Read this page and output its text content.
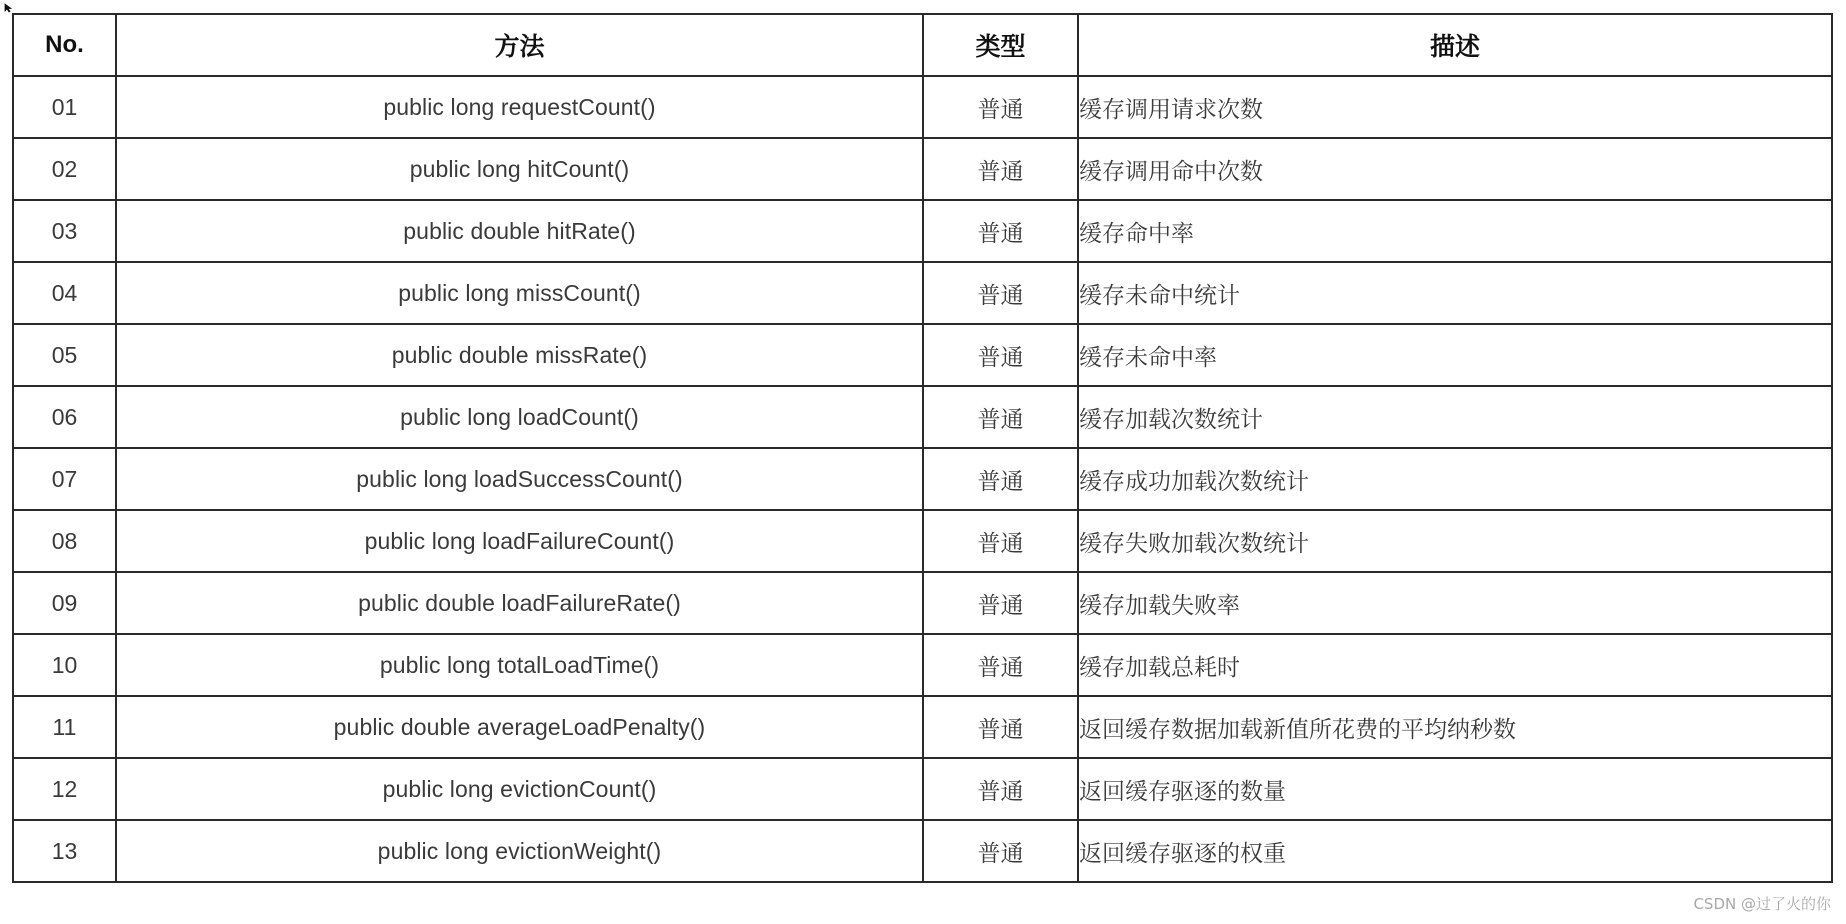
No.	方法	类型	描述
01	public long requestCount()	普通	缓存调用请求次数
02	public long hitCount()	普通	缓存调用命中次数
03	public double hitRate()	普通	缓存命中率
04	public long missCount()	普通	缓存未命中统计
05	public double missRate()	普通	缓存未命中率
06	public long loadCount()	普通	缓存加载次数统计
07	public long loadSuccessCount()	普通	缓存成功加载次数统计
08	public long loadFailureCount()	普通	缓存失败加载次数统计
09	public double loadFailureRate()	普通	缓存加载失败率
10	public long totalLoadTime()	普通	缓存加载总耗时
11	public double averageLoadPenalty()	普通	返回缓存数据加载新值所花费的平均纳秒数
12	public long evictionCount()	普通	返回缓存驱逐的数量
13	public long evictionWeight()	普通	返回缓存驱逐的权重
CSDN @过了火的你
